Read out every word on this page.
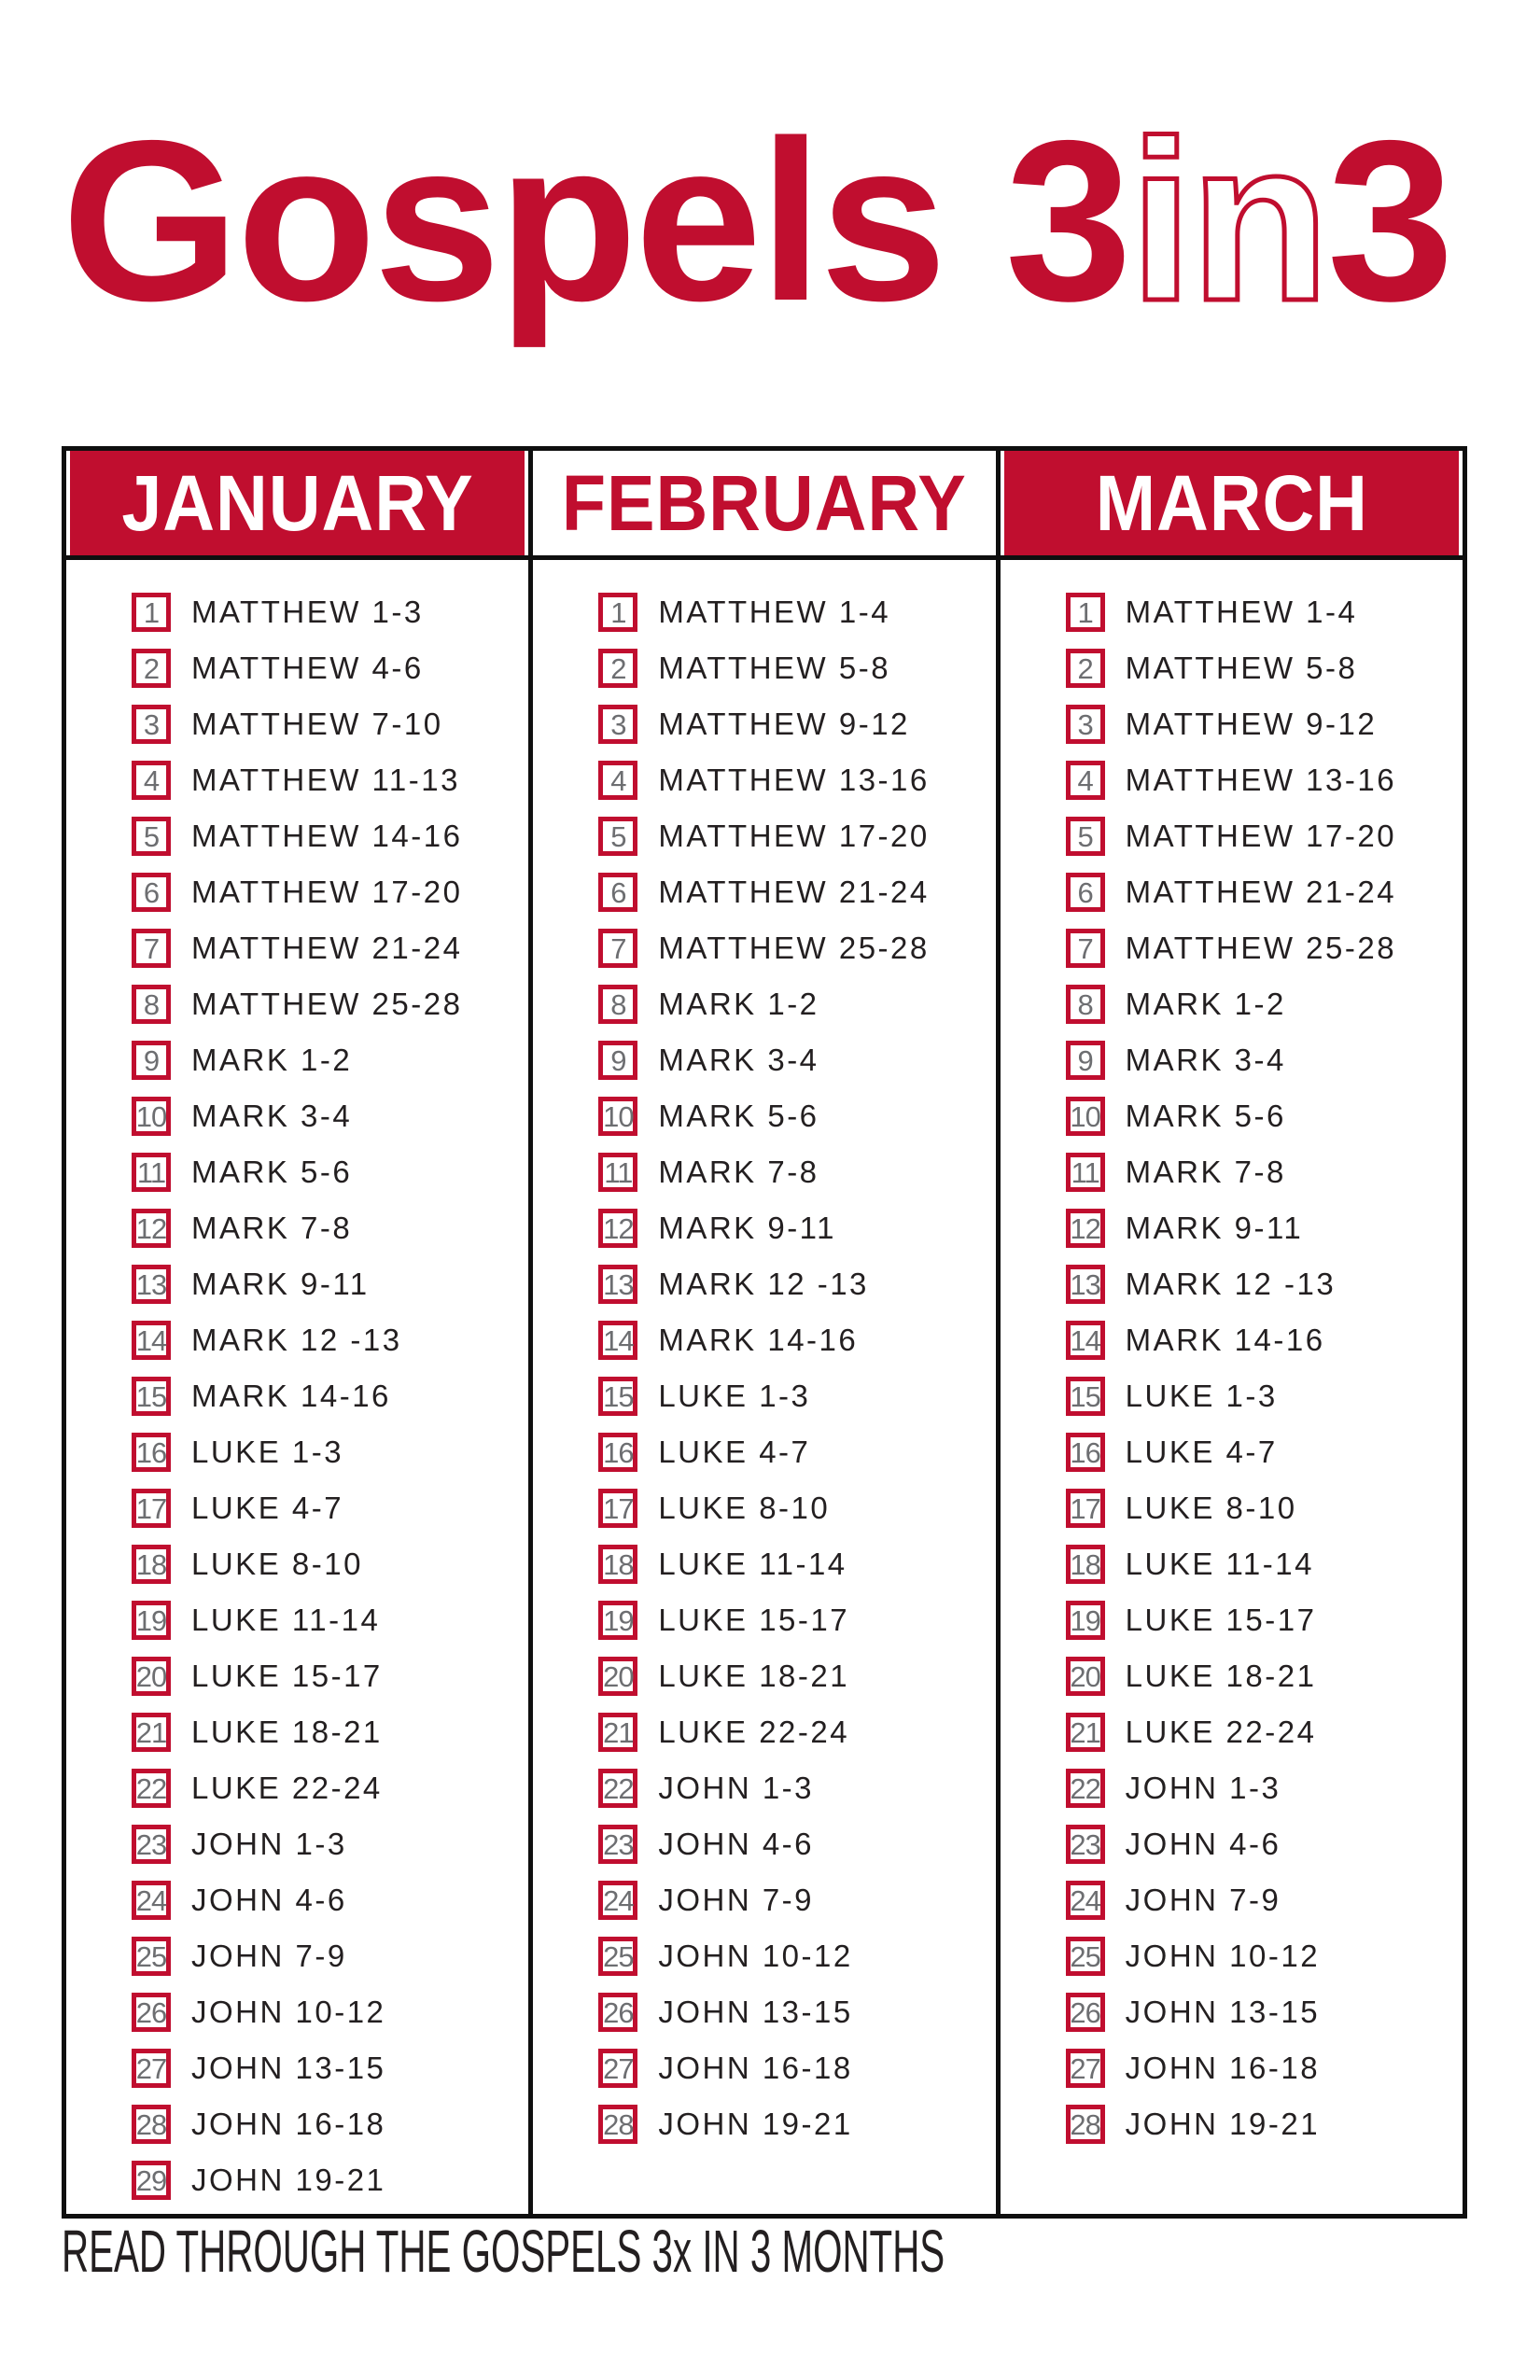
Gospels 3in3
JANUARY
1	MATTHEW 1-3
2	MATTHEW 4-6
3	MATTHEW 7-10
4	MATTHEW 11-13
5	MATTHEW 14-16
6	MATTHEW 17-20
7	MATTHEW 21-24
8	MATTHEW 25-28
9	MARK 1-2
10 MARK 3-4
11 MARK 5-6
12 MARK 7-8
13 MARK 9-11
14 MARK 12 -13
15 MARK 14-16
16 LUKE 1-3
17 LUKE 4-7
18 LUKE 8-10
19 LUKE 11-14
20 LUKE 15-17
21 LUKE 18-21
22 LUKE 22-24
23 JOHN 1-3
24 JOHN 4-6
25 JOHN 7-9
26 JOHN 10-12
27 JOHN 13-15
28 JOHN 16-18
29 JOHN 19-21
FEBRUARY
1	MATTHEW 1-4
2	MATTHEW 5-8
3	MATTHEW 9-12
4	MATTHEW 13-16
5	MATTHEW 17-20
6	MATTHEW 21-24
7	MATTHEW 25-28
8	MARK 1-2
9	MARK 3-4
10 MARK 5-6
11 MARK 7-8
12 MARK 9-11
13 MARK 12 -13
14 MARK 14-16
15 LUKE 1-3
16 LUKE 4-7
17 LUKE 8-10
18 LUKE 11-14
19 LUKE 15-17
20 LUKE 18-21
21 LUKE 22-24
22 JOHN 1-3
23 JOHN 4-6
24 JOHN 7-9
25 JOHN 10-12
26 JOHN 13-15
27 JOHN 16-18
28 JOHN 19-21
MARCH
1	MATTHEW 1-4
2	MATTHEW 5-8
3	MATTHEW 9-12
4	MATTHEW 13-16
5	MATTHEW 17-20
6	MATTHEW 21-24
7	MATTHEW 25-28
8	MARK 1-2
9	MARK 3-4
10 MARK 5-6
11 MARK 7-8
12 MARK 9-11
13 MARK 12 -13
14 MARK 14-16
15 LUKE 1-3
16 LUKE 4-7
17 LUKE 8-10
18 LUKE 11-14
19 LUKE 15-17
20 LUKE 18-21
21 LUKE 22-24
22 JOHN 1-3
23 JOHN 4-6
24 JOHN 7-9
25 JOHN 10-12
26 JOHN 13-15
27 JOHN 16-18
28 JOHN 19-21
READ THROUGH THE GOSPELS 3x IN 3 MONTHS
